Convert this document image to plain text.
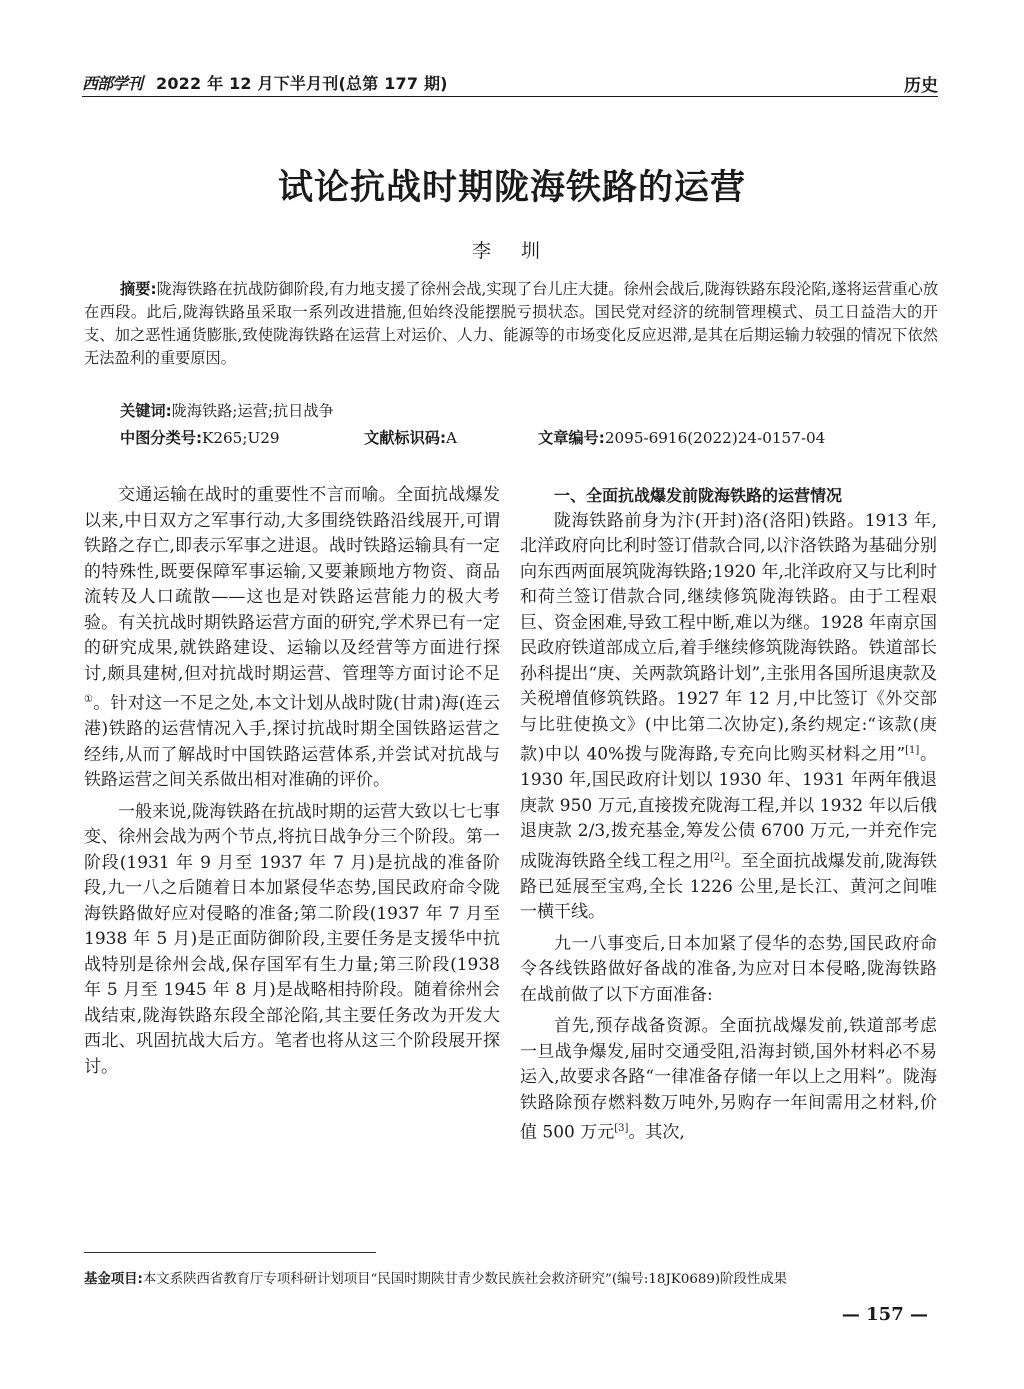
西部学刊 2022 年 12 月下半月刊(总第 177 期)	历史
试论抗战时期陇海铁路的运营
李 圳
摘要:陇海铁路在抗战防御阶段,有力地支援了徐州会战,实现了台儿庄大捷。徐州会战后,陇海铁路东段沦陷,遂将运营重心放在西段。此后,陇海铁路虽采取一系列改进措施,但始终没能摆脱亏损状态。国民党对经济的统制管理模式、员工日益浩大的开支、加之恶性通货膨胀,致使陇海铁路在运营上对运价、人力、能源等的市场变化反应迟滞,是其在后期运输力较强的情况下依然无法盈利的重要原因。
关键词:陇海铁路;运营;抗日战争
中图分类号:K265;U29	文献标识码:A	文章编号:2095-6916(2022)24-0157-04

交通运输在战时的重要性不言而喻。全面抗战爆发以来,中日双方之军事行动,大多围绕铁路沿线展开,可谓铁路之存亡,即表示军事之进退。战时铁路运输具有一定的特殊性,既要保障军事运输,又要兼顾地方物资、商品流转及人口疏散——这也是对铁路运营能力的极大考验。有关抗战时期铁路运营方面的研究,学术界已有一定的研究成果,就铁路建设、运输以及经营等方面进行探讨,颇具建树,但对抗战时期运营、管理等方面讨论不足①。针对这一不足之处,本文计划从战时陇(甘肃)海(连云港)铁路的运营情况入手,探讨抗战时期全国铁路运营之经纬,从而了解战时中国铁路运营体系,并尝试对抗战与铁路运营之间关系做出相对准确的评价。

一般来说,陇海铁路在抗战时期的运营大致以七七事变、徐州会战为两个节点,将抗日战争分三个阶段。第一阶段(1931 年 9 月至 1937 年 7 月)是抗战的准备阶段,九一八之后随着日本加紧侵华态势,国民政府命令陇海铁路做好应对侵略的准备;第二阶段(1937 年 7 月至 1938 年 5 月)是正面防御阶段,主要任务是支援华中抗战特别是徐州会战,保存国军有生力量;第三阶段(1938 年 5 月至 1945 年 8 月)是战略相持阶段。随着徐州会战结束,陇海铁路东段全部沦陷,其主要任务改为开发大西北、巩固抗战大后方。笔者也将从这三个阶段展开探讨。

一、全面抗战爆发前陇海铁路的运营情况

陇海铁路前身为汴(开封)洛(洛阳)铁路。1913 年,北洋政府向比利时签订借款合同,以汴洛铁路为基础分别向东西两面展筑陇海铁路;1920 年,北洋政府又与比利时和荷兰签订借款合同,继续修筑陇海铁路。由于工程艰巨、资金困难,导致工程中断,难以为继。1928 年南京国民政府铁道部成立后,着手继续修筑陇海铁路。铁道部长孙科提出“庚、关两款筑路计划”,主张用各国所退庚款及关税增值修筑铁路。1927 年 12 月,中比签订《外交部与比驻使换文》(中比第二次协定),条约规定:“该款(庚款)中以 40%拨与陇海路,专充向比购买材料之用”[1]。1930 年,国民政府计划以 1930 年、1931 年两年俄退庚款 950 万元,直接拨充陇海工程,并以 1932 年以后俄退庚款 2/3,拨充基金,筹发公债 6700 万元,一并充作完成陇海铁路全线工程之用[2]。至全面抗战爆发前,陇海铁路已延展至宝鸡,全长 1226 公里,是长江、黄河之间唯一横干线。

九一八事变后,日本加紧了侵华的态势,国民政府命令各线铁路做好备战的准备,为应对日本侵略,陇海铁路在战前做了以下方面准备:

首先,预存战备资源。全面抗战爆发前,铁道部考虑一旦战争爆发,届时交通受阻,沿海封锁,国外材料必不易运入,故要求各路“一律准备存储一年以上之用料”。陇海铁路除预存燃料数万吨外,另购存一年间需用之材料,价值 500 万元[3]。其次,

基金项目:本文系陕西省教育厅专项科研计划项目“民国时期陕甘青少数民族社会救济研究”(编号:18JK0689)阶段性成果
— 157 —
